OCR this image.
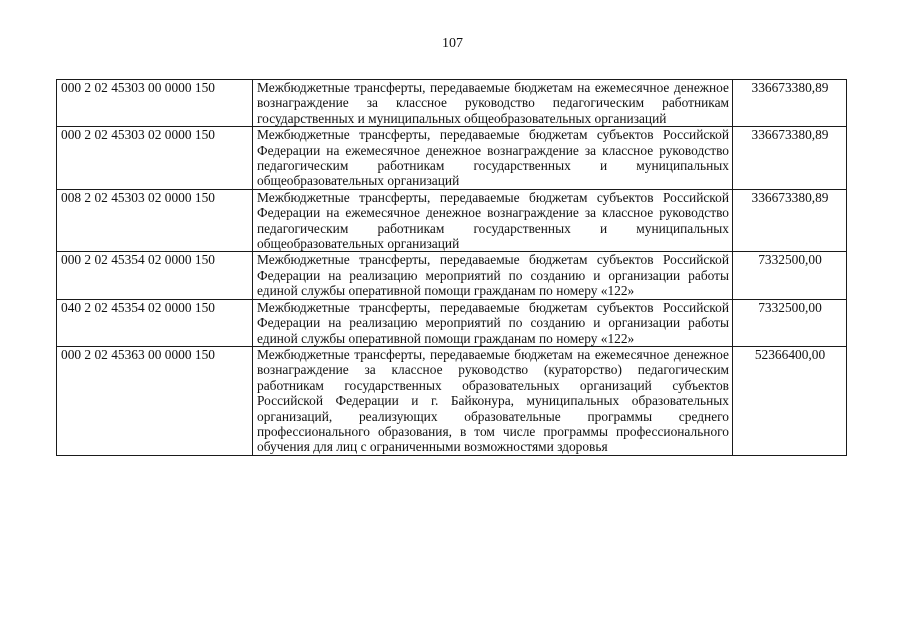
107
000 2 02 45303 00 0000 150	Межбюджетные трансферты, передаваемые бюджетам на ежемесячное денежное вознаграждение за классное руководство педагогическим работникам государственных и муниципальных общеобразовательных организаций	336673380,89
000 2 02 45303 02 0000 150	Межбюджетные трансферты, передаваемые бюджетам субъектов Российской Федерации на ежемесячное денежное вознаграждение за классное руководство педагогическим работникам государственных и муниципальных общеобразовательных организаций	336673380,89
008 2 02 45303 02 0000 150	Межбюджетные трансферты, передаваемые бюджетам субъектов Российской Федерации на ежемесячное денежное вознаграждение за классное руководство педагогическим работникам государственных и муниципальных общеобразовательных организаций	336673380,89
000 2 02 45354 02 0000 150	Межбюджетные трансферты, передаваемые бюджетам субъектов Российской Федерации на реализацию мероприятий по созданию и организации работы единой службы оперативной помощи гражданам по номеру «122»	7332500,00
040 2 02 45354 02 0000 150	Межбюджетные трансферты, передаваемые бюджетам субъектов Российской Федерации на реализацию мероприятий по созданию и организации работы единой службы оперативной помощи гражданам по номеру «122»	7332500,00
000 2 02 45363 00 0000 150	Межбюджетные трансферты, передаваемые бюджетам на ежемесячное денежное вознаграждение за классное руководство (кураторство) педагогическим работникам государственных образовательных организаций субъектов Российской Федерации и г. Байконура, муниципальных образовательных организаций, реализующих образовательные программы среднего профессионального образования, в том числе программы профессионального обучения для лиц с ограниченными возможностями здоровья	52366400,00
